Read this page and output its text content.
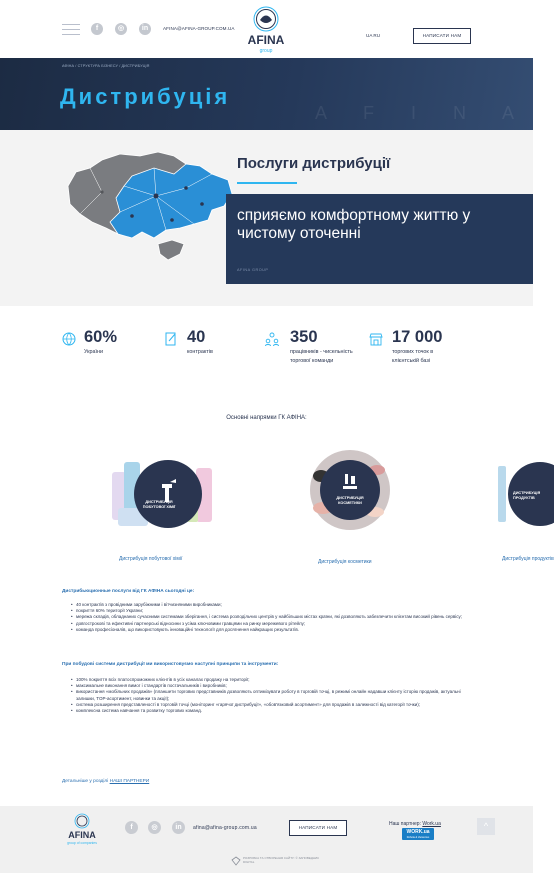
f	◎	in	AFINA@AFINA-GROUP.COM.UA
AFINA
group
UA RU	НАПИСАТИ НАМ
АФІНА / СТРУКТУРА БІЗНЕСУ / ДИСТРИБУЦІЯ
Дистрибуція
A F I N A
Послуги дистрибуції
сприяємо комфортному життю у чистому оточенні
AFINA GROUP
60%
України
40
контрактів
350
працівників - чисельність торгової команди
17 000
торгових точок в клієнтській базі
Основні напрямки ГК АФІНА:
ДИСТРИБУЦІЯ ПОБУТОВОЇ ХІМІЇ
Дистрибуція побутової хімії
ДИСТРИБУЦІЯ КОСМЕТИКИ
Дистрибуція косметики
ДИСТРИБУЦІЯ ПРОДУКТІВ
Дистрибуція продуктів
Дистрибьюционные послуги від ГК АФІНА сьогодні це:
• 40 контрактів з провідними зарубіжними і вітчизняними виробниками;
• покриття 60% території України;
• мережа складів, обладнаних сучасними системами зберігання, і система розподільчих центрів у найбільших містах країни, які дозволяють забезпечити клієнтам високий рівень сервісу;
• довгострокові та ефективні партнерські відносини з усіма ключовими гравцями на ринку мережевого рітейлу;
• команда професіоналів, що використовують інноваційні технології для досягнення найкращих результатів.
При побудові системи дистрибуції ми використовуємо наступні принципи та інструменти:
• 100% покриття всіх платоспроможних клієнтів в усіх каналах продажу на території;
• максимальне виконання вимог і стандартів постачальників і виробників;
• використання «мобільних продажів» (планшети торгових представників дозволяють оптимізувати роботу в торговій точці, в режимі онлайн надавши клієнту історію продажів, актуальні залишки, TOP-асортимент, новинки та акції);
• система розширення представленості в торговій точці (моніторинг «гарячої дистрибуції», «обов'язковий асортимент» для продажів в залежності від категорії точки);
• комплексна система навчання та розвитку торгових команд.
Детальніше у розділі НАШІ ПАРТНЕРИ
AFINA
group of companies
f	◎	in	afina@afina-group.com.ua	НАПИСАТИ НАМ
Наш партнер: Work.ua
WORK.ua
Robota & Vacancies
^
РОЗРОБКА ТА СТВОРЕННЯ САЙТУ: © ЗАПОВЕДНИК DIGITAL
